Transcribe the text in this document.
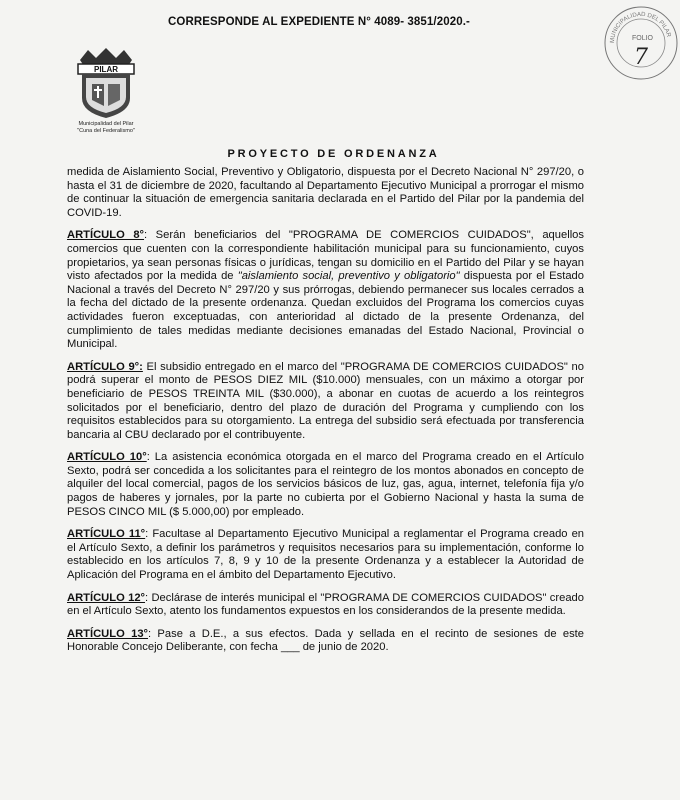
CORRESPONDE AL EXPEDIENTE N° 4089- 3851/2020.-
MUNICIPALIDAD DEL PILAR
FOLIO
7
PILAR
Municipalidad del Pilar
"Cuna del Federalismo"
PROYECTO DE ORDENANZA

medida de Aislamiento Social, Preventivo y Obligatorio, dispuesta por el Decreto Nacional N° 297/20, o hasta el 31 de diciembre de 2020, facultando al Departamento Ejecutivo Municipal a prorrogar el mismo de continuar la situación de emergencia sanitaria declarada en el Partido del Pilar por la pandemia del COVID-19.

ARTÍCULO 8°: Serán beneficiarios del "PROGRAMA DE COMERCIOS CUIDADOS", aquellos comercios que cuenten con la correspondiente habilitación municipal para su funcionamiento, cuyos propietarios, ya sean personas físicas o jurídicas, tengan su domicilio en el Partido del Pilar y se hayan visto afectados por la medida de "aislamiento social, preventivo y obligatorio" dispuesta por el Estado Nacional a través del Decreto N° 297/20 y sus prórrogas, debiendo permanecer sus locales cerrados a la fecha del dictado de la presente ordenanza. Quedan excluidos del Programa los comercios cuyas actividades fueron exceptuadas, con anterioridad al dictado de la presente Ordenanza, del cumplimiento de tales medidas mediante decisiones emanadas del Estado Nacional, Provincial o Municipal.

ARTÍCULO 9°: El subsidio entregado en el marco del "PROGRAMA DE COMERCIOS CUIDADOS" no podrá superar el monto de PESOS DIEZ MIL ($10.000) mensuales, con un máximo a otorgar por beneficiario de PESOS TREINTA MIL ($30.000), a abonar en cuotas de acuerdo a los reintegros solicitados por el beneficiario, dentro del plazo de duración del Programa y cumpliendo con los requisitos establecidos para su otorgamiento. La entrega del subsidio será efectuada por transferencia bancaria al CBU declarado por el contribuyente.

ARTÍCULO 10°: La asistencia económica otorgada en el marco del Programa creado en el Artículo Sexto, podrá ser concedida a los solicitantes para el reintegro de los montos abonados en concepto de alquiler del local comercial, pagos de los servicios básicos de luz, gas, agua, internet, telefonía fija y/o pagos de haberes y jornales, por la parte no cubierta por el Gobierno Nacional y hasta la suma de PESOS CINCO MIL ($ 5.000,00) por empleado.

ARTÍCULO 11°: Facultase al Departamento Ejecutivo Municipal a reglamentar el Programa creado en el Artículo Sexto, a definir los parámetros y requisitos necesarios para su implementación, conforme lo establecido en los artículos 7, 8, 9 y 10 de la presente Ordenanza y a establecer la Autoridad de Aplicación del Programa en el ámbito del Departamento Ejecutivo.

ARTÍCULO 12°: Declárase de interés municipal el "PROGRAMA DE COMERCIOS CUIDADOS" creado en el Artículo Sexto, atento los fundamentos expuestos en los considerandos de la presente medida.

ARTÍCULO 13°: Pase a D.E., a sus efectos. Dada y sellada en el recinto de sesiones de este Honorable Concejo Deliberante, con fecha ___ de junio de 2020.
